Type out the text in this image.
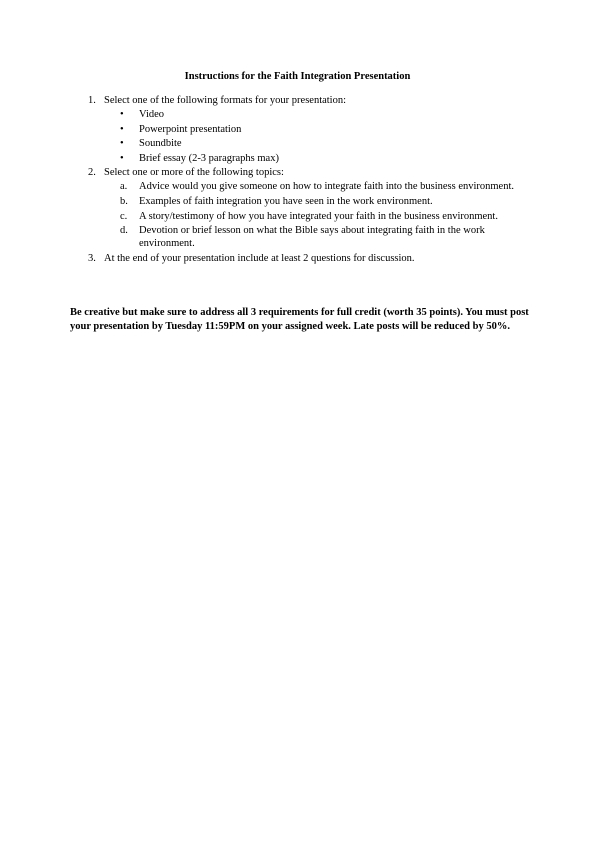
Instructions for the Faith Integration Presentation
1. Select one of the following formats for your presentation:
• Video
• Powerpoint presentation
• Soundbite
• Brief essay (2-3 paragraphs max)
2. Select one or more of the following topics:
a. Advice would you give someone on how to integrate faith into the business environment.
b. Examples of faith integration you have seen in the work environment.
c. A story/testimony of how you have integrated your faith in the business environment.
d. Devotion or brief lesson on what the Bible says about integrating faith in the work environment.
3. At the end of your presentation include at least 2 questions for discussion.
Be creative but make sure to address all 3 requirements for full credit (worth 35 points). You must post your presentation by Tuesday 11:59PM on your assigned week. Late posts will be reduced by 50%.
